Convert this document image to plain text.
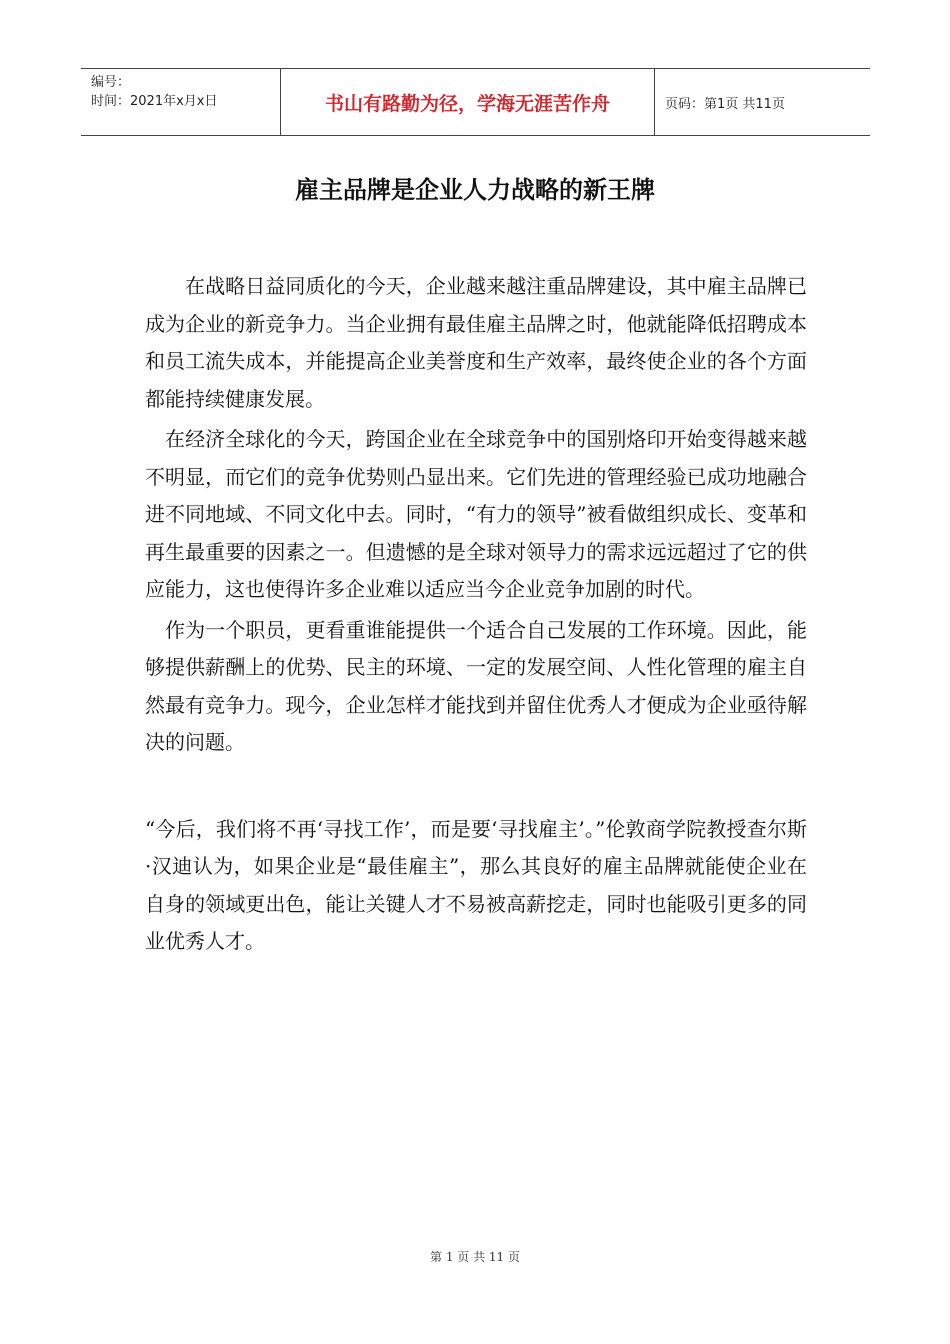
编号：
时间：2021年x月x日	书山有路勤为径，学海无涯苦作舟	页码：第1页 共11页
雇主品牌是企业人力战略的新王牌

在战略日益同质化的今天，企业越来越注重品牌建设，其中雇主品牌已成为企业的新竞争力。当企业拥有最佳雇主品牌之时，他就能降低招聘成本和员工流失成本，并能提高企业美誉度和生产效率，最终使企业的各个方面都能持续健康发展。

在经济全球化的今天，跨国企业在全球竞争中的国别烙印开始变得越来越不明显，而它们的竞争优势则凸显出来。它们先进的管理经验已成功地融合进不同地域、不同文化中去。同时，“有力的领导”被看做组织成长、变革和再生最重要的因素之一。但遗憾的是全球对领导力的需求远远超过了它的供应能力，这也使得许多企业难以适应当今企业竞争加剧的时代。

作为一个职员，更看重谁能提供一个适合自己发展的工作环境。因此，能够提供薪酬上的优势、民主的环境、一定的发展空间、人性化管理的雇主自然最有竞争力。现今，企业怎样才能找到并留住优秀人才便成为企业亟待解决的问题。

“今后，我们将不再‘寻找工作’，而是要‘寻找雇主’。”伦敦商学院教授查尔斯·汉迪认为，如果企业是“最佳雇主”，那么其良好的雇主品牌就能使企业在自身的领域更出色，能让关键人才不易被高薪挖走，同时也能吸引更多的同业优秀人才。

第 1 页 共 11 页
